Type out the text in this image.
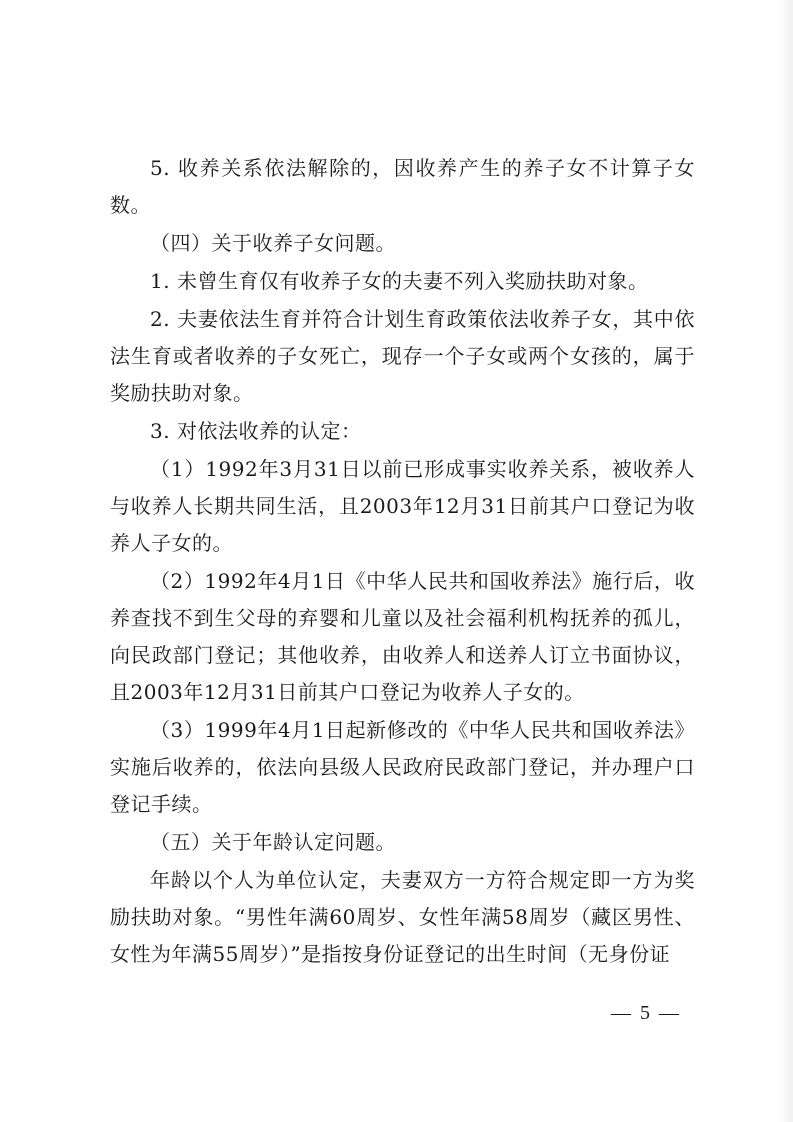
5. 收养关系依法解除的，因收养产生的养子女不计算子女数。

（四）关于收养子女问题。

1. 未曾生育仅有收养子女的夫妻不列入奖励扶助对象。

2. 夫妻依法生育并符合计划生育政策依法收养子女，其中依法生育或者收养的子女死亡，现存一个子女或两个女孩的，属于奖励扶助对象。

3. 对依法收养的认定：

（1）1992年3月31日以前已形成事实收养关系，被收养人与收养人长期共同生活，且2003年12月31日前其户口登记为收养人子女的。

（2）1992年4月1日《中华人民共和国收养法》施行后，收养查找不到生父母的弃婴和儿童以及社会福利机构抚养的孤儿，向民政部门登记；其他收养，由收养人和送养人订立书面协议，且2003年12月31日前其户口登记为收养人子女的。

（3）1999年4月1日起新修改的《中华人民共和国收养法》实施后收养的，依法向县级人民政府民政部门登记，并办理户口登记手续。

（五）关于年龄认定问题。

年龄以个人为单位认定，夫妻双方一方符合规定即一方为奖励扶助对象。“男性年满60周岁、女性年满58周岁（藏区男性、女性为年满55周岁）”是指按身份证登记的出生时间（无身份证

— 5 —
